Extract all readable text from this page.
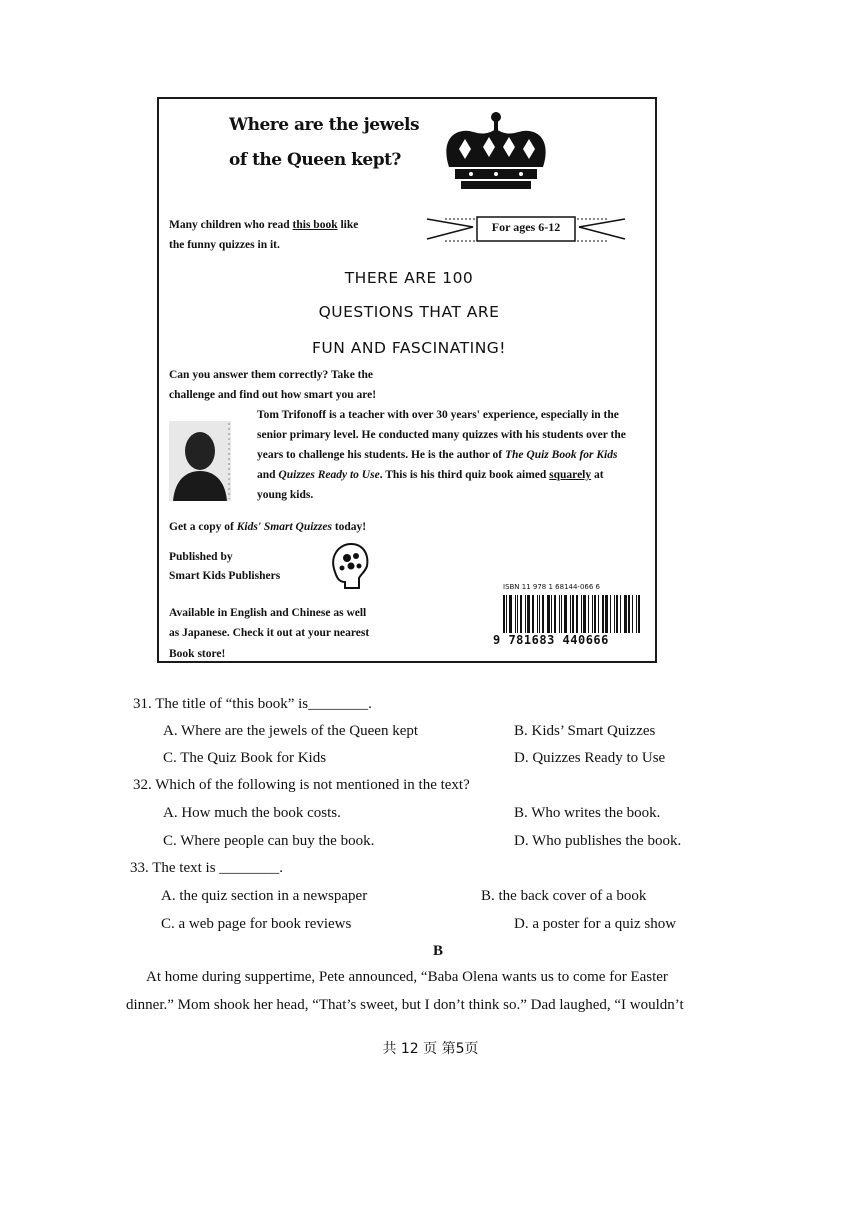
Where are the jewels
of the Queen kept?
Many children who read this book like
the funny quizzes in it.
For ages 6-12
THERE ARE 100
QUESTIONS THAT ARE
FUN AND FASCINATING!
Can you answer them correctly? Take the
challenge and find out how smart you are!
Tom Trifonoff is a teacher with over 30 years' experience, especially in the senior primary level. He conducted many quizzes with his students over the years to challenge his students. He is the author of The Quiz Book for Kids and Quizzes Ready to Use. This is his third quiz book aimed squarely at young kids.
Get a copy of Kids' Smart Quizzes today!
Published by
Smart Kids Publishers
Available in English and Chinese as well
as Japanese. Check it out at your nearest
Book store!
ISBN 11 978 1 68144-066 6
9 781683 440666
31. The title of “this book” is________.
A. Where are the jewels of the Queen kept	B. Kids’ Smart Quizzes
C. The Quiz Book for Kids	D. Quizzes Ready to Use
32. Which of the following is not mentioned in the text?
A. How much the book costs.	B. Who writes the book.
C. Where people can buy the book.	D. Who publishes the book.
33. The text is ________.
A. the quiz section in a newspaper	B. the back cover of a book
C. a web page for book reviews	D. a poster for a quiz show
B
At home during suppertime, Pete announced, “Baba Olena wants us to come for Easter
dinner.” Mom shook her head, “That’s sweet, but I don’t think so.” Dad laughed, “I wouldn’t
共 12 页 第5页
